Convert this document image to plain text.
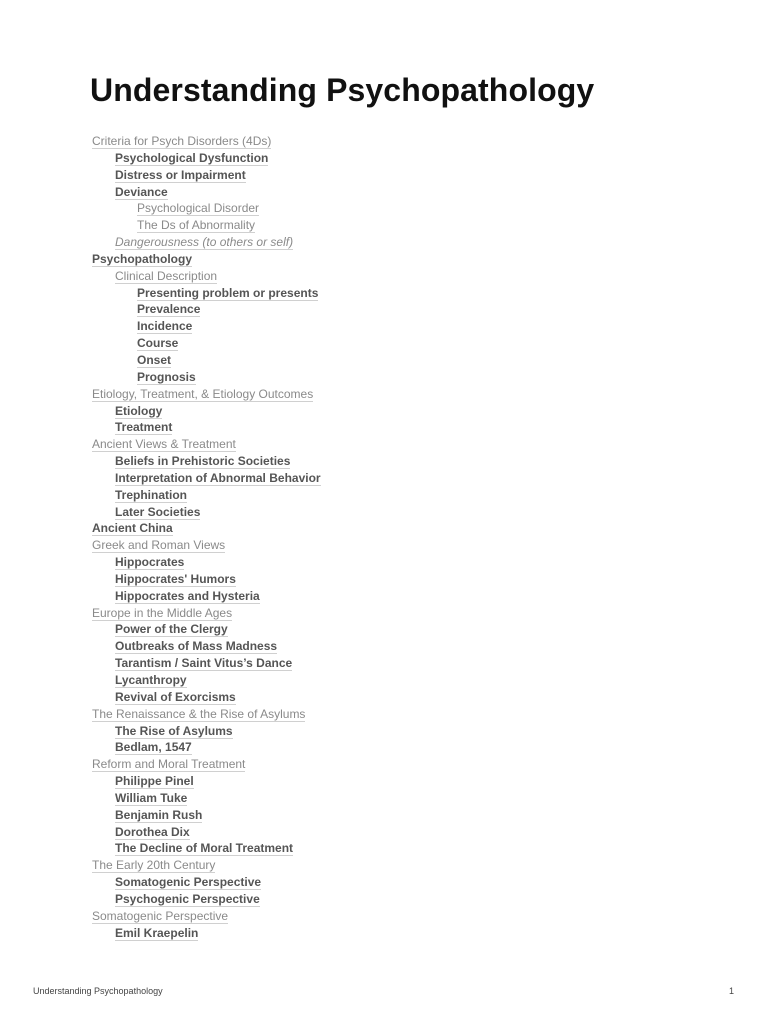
Understanding Psychopathology
Criteria for Psych Disorders (4Ds)
Psychological Dysfunction
Distress or Impairment
Deviance
Psychological Disorder
The Ds of Abnormality
Dangerousness (to others or self)
Psychopathology
Clinical Description
Presenting problem or presents
Prevalence
Incidence
Course
Onset
Prognosis
Etiology, Treatment, & Etiology Outcomes
Etiology
Treatment
Ancient Views & Treatment
Beliefs in Prehistoric Societies
Interpretation of Abnormal Behavior
Trephination
Later Societies
Ancient China
Greek and Roman Views
Hippocrates
Hippocrates' Humors
Hippocrates and Hysteria
Europe in the Middle Ages
Power of the Clergy
Outbreaks of Mass Madness
Tarantism / Saint Vitus’s Dance
Lycanthropy
Revival of Exorcisms
The Renaissance & the Rise of Asylums
The Rise of Asylums
Bedlam, 1547
Reform and Moral Treatment
Philippe Pinel
William Tuke
Benjamin Rush
Dorothea Dix
The Decline of Moral Treatment
The Early 20th Century
Somatogenic Perspective
Psychogenic Perspective
Somatogenic Perspective
Emil Kraepelin
Understanding Psychopathology	1
